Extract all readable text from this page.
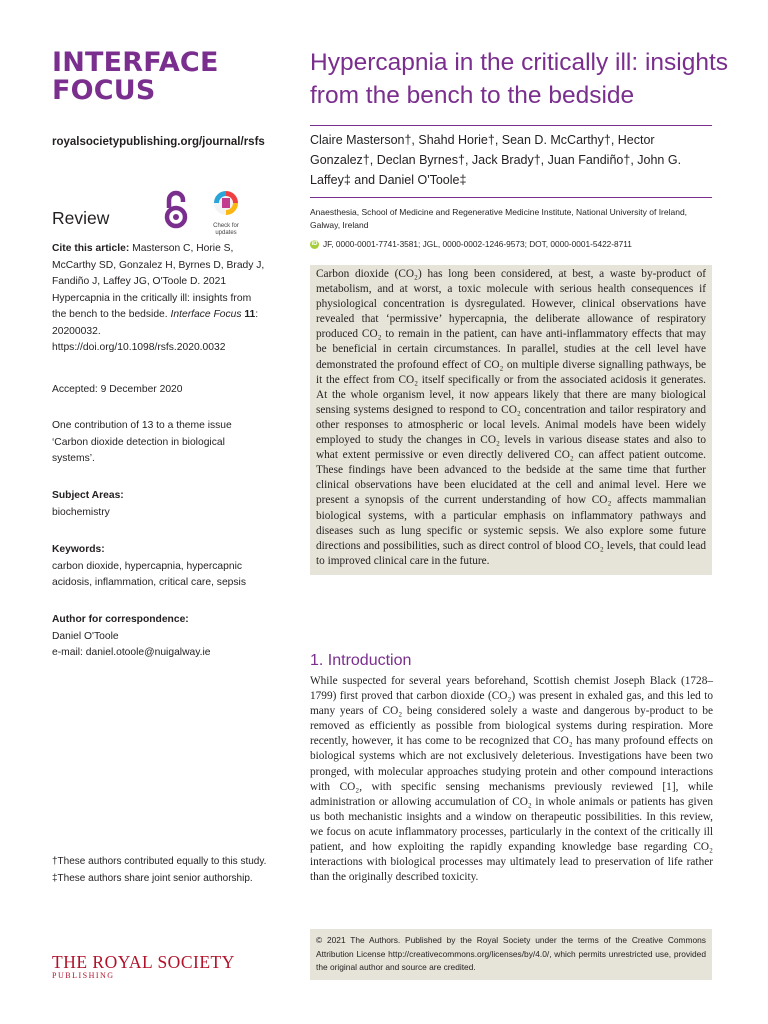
INTERFACE
FOCUS
royalsocietypublishing.org/journal/rsfs
Review	Check for
updates
Cite this article: Masterson C, Horie S, McCarthy SD, Gonzalez H, Byrnes D, Brady J, Fandiño J, Laffey JG, O'Toole D. 2021 Hypercapnia in the critically ill: insights from the bench to the bedside. Interface Focus 11: 20200032.
https://doi.org/10.1098/rsfs.2020.0032
Accepted: 9 December 2020
One contribution of 13 to a theme issue ‘Carbon dioxide detection in biological systems’.
Subject Areas:
biochemistry
Keywords:
carbon dioxide, hypercapnia, hypercapnic acidosis, inflammation, critical care, sepsis
Author for correspondence:
Daniel O'Toole
e-mail: daniel.otoole@nuigalway.ie
†These authors contributed equally to this study.
‡These authors share joint senior authorship.
THE ROYAL SOCIETY
PUBLISHING
Hypercapnia in the critically ill: insights from the bench to the bedside
Claire Masterson†, Shahd Horie†, Sean D. McCarthy†, Hector Gonzalez†, Declan Byrnes†, Jack Brady†, Juan Fandiño†, John G. Laffey‡ and Daniel O'Toole‡
Anaesthesia, School of Medicine and Regenerative Medicine Institute, National University of Ireland, Galway, Ireland
iD JF, 0000-0001-7741-3581; JGL, 0000-0002-1246-9573; DOT, 0000-0001-5422-8711
Carbon dioxide (CO₂) has long been considered, at best, a waste by-product of metabolism, and at worst, a toxic molecule with serious health consequences if physiological concentration is dysregulated. However, clinical observations have revealed that ‘permissive’ hypercapnia, the deliberate allowance of respiratory produced CO₂ to remain in the patient, can have anti-inflammatory effects that may be beneficial in certain circumstances. In parallel, studies at the cell level have demonstrated the profound effect of CO₂ on multiple diverse signalling pathways, be it the effect from CO₂ itself specifically or from the associated acidosis it generates. At the whole organism level, it now appears likely that there are many biological sensing systems designed to respond to CO₂ concentration and tailor respiratory and other responses to atmospheric or local levels. Animal models have been widely employed to study the changes in CO₂ levels in various disease states and also to what extent permissive or even directly delivered CO₂ can affect patient outcome. These findings have been advanced to the bedside at the same time that further clinical observations have been elucidated at the cell and animal level. Here we present a synopsis of the current understanding of how CO₂ affects mammalian biological systems, with a particular emphasis on inflammatory pathways and diseases such as lung specific or systemic sepsis. We also explore some future directions and possibilities, such as direct control of blood CO₂ levels, that could lead to improved clinical care in the future.
1. Introduction
While suspected for several years beforehand, Scottish chemist Joseph Black (1728–1799) first proved that carbon dioxide (CO₂) was present in exhaled gas, and this led to many years of CO₂ being considered solely a waste and dangerous by-product to be removed as efficiently as possible from biological systems during respiration. More recently, however, it has come to be recognized that CO₂ has many profound effects on biological systems which are not exclusively deleterious. Investigations have been two pronged, with molecular approaches studying protein and other compound interactions with CO₂, with specific sensing mechanisms previously reviewed [1], while administration or allowing accumulation of CO₂ in whole animals or patients has given us both mechanistic insights and a window on therapeutic possibilities. In this review, we focus on acute inflammatory processes, particularly in the context of the critically ill patient, and how exploiting the rapidly expanding knowledge base regarding CO₂ interactions with biological processes may ultimately lead to preservation of life rather than the originally described toxicity.
© 2021 The Authors. Published by the Royal Society under the terms of the Creative Commons Attribution License http://creativecommons.org/licenses/by/4.0/, which permits unrestricted use, provided the original author and source are credited.
